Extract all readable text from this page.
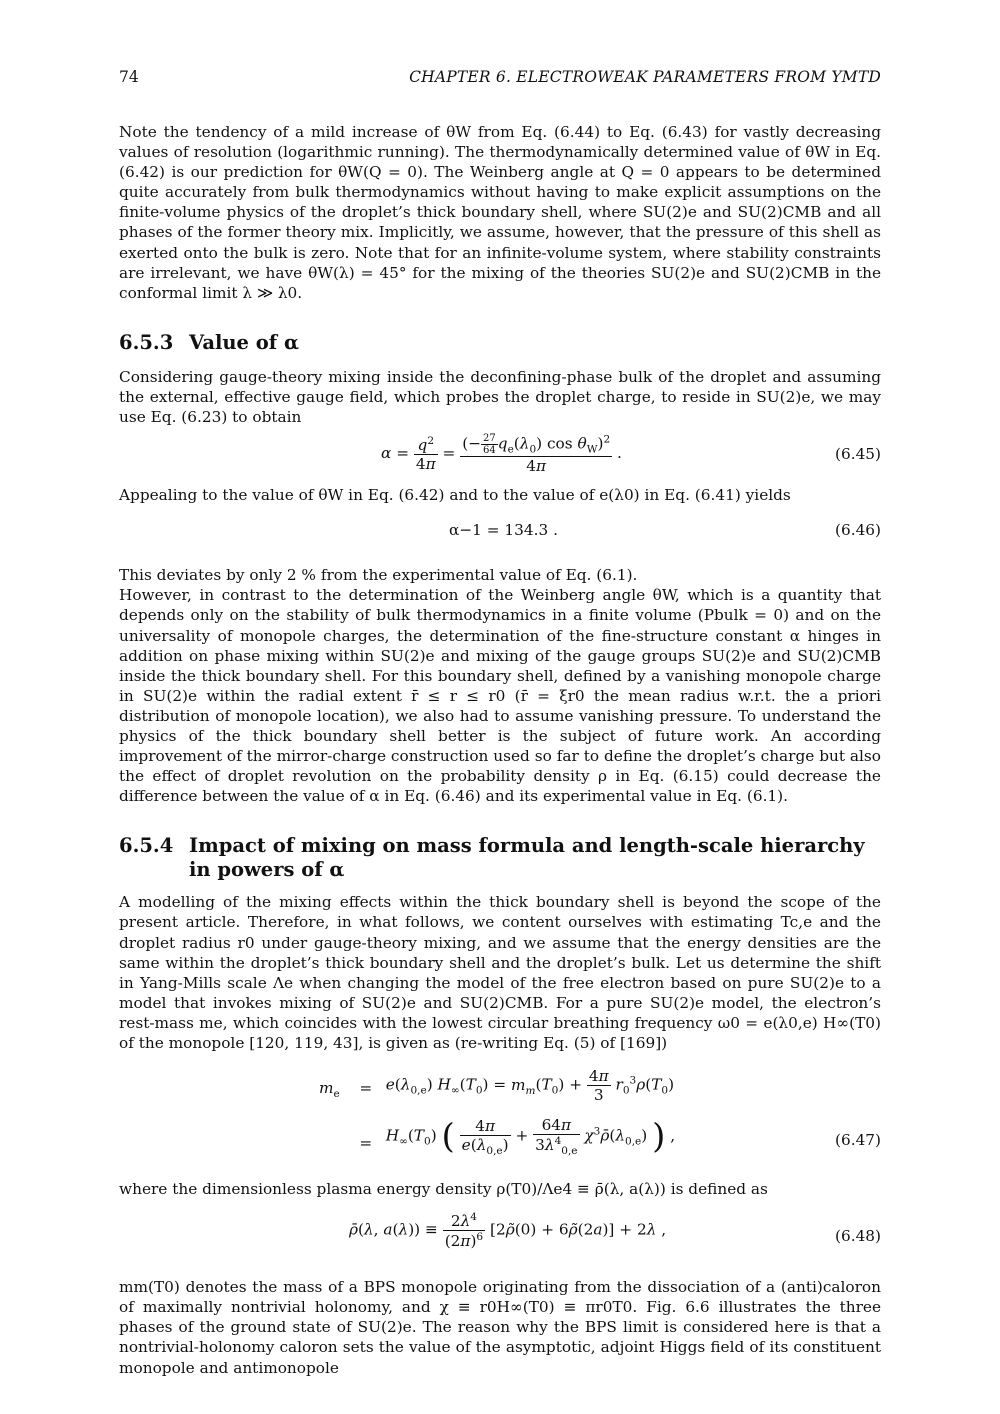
74	CHAPTER 6. ELECTROWEAK PARAMETERS FROM YMTD

Note the tendency of a mild increase of θW from Eq. (6.44) to Eq. (6.43) for vastly decreasing values of resolution (logarithmic running). The thermodynamically determined value of θW in Eq. (6.42) is our prediction for θW(Q = 0). The Weinberg angle at Q = 0 appears to be determined quite accurately from bulk thermodynamics without having to make explicit assumptions on the finite-volume physics of the droplet’s thick boundary shell, where SU(2)e and SU(2)CMB and all phases of the former theory mix. Implicitly, we assume, however, that the pressure of this shell as exerted onto the bulk is zero. Note that for an infinite-volume system, where stability constraints are irrelevant, we have θW(λ) = 45° for the mixing of the theories SU(2)e and SU(2)CMB in the conformal limit λ ≫ λ0.

6.5.3 Value of α

Considering gauge-theory mixing inside the deconfining-phase bulk of the droplet and assuming the external, effective gauge field, which probes the droplet charge, to reside in SU(2)e, we may use Eq. (6.23) to obtain

$\alpha = \frac{q^2}{4\pi} = \frac{(- \frac{27}{64} q_e(\lambda_0) \cos \theta_W)^2}{4\pi}$ .	(6.45)

Appealing to the value of θW in Eq. (6.42) and to the value of e(λ0) in Eq. (6.41) yields

α−1 = 134.3 .	(6.46)

This deviates by only 2 % from the experimental value of Eq. (6.1).

However, in contrast to the determination of the Weinberg angle θW, which is a quantity that depends only on the stability of bulk thermodynamics in a finite volume (Pbulk = 0) and on the universality of monopole charges, the determination of the fine-structure constant α hinges in addition on phase mixing within SU(2)e and mixing of the gauge groups SU(2)e and SU(2)CMB inside the thick boundary shell. For this boundary shell, defined by a vanishing monopole charge in SU(2)e within the radial extent r̄ ≤ r ≤ r0 (r̄ = ξr0 the mean radius w.r.t. the a priori distribution of monopole location), we also had to assume vanishing pressure. To understand the physics of the thick boundary shell better is the subject of future work. An according improvement of the mirror-charge construction used so far to define the droplet’s charge but also the effect of droplet revolution on the probability density ρ in Eq. (6.15) could decrease the difference between the value of α in Eq. (6.46) and its experimental value in Eq. (6.1).

6.5.4 Impact of mixing on mass formula and length-scale hierarchy in powers of α

A modelling of the mixing effects within the thick boundary shell is beyond the scope of the present article. Therefore, in what follows, we content ourselves with estimating Tc,e and the droplet radius r0 under gauge-theory mixing, and we assume that the energy densities are the same within the droplet’s thick boundary shell and the droplet’s bulk. Let us determine the shift in Yang-Mills scale Λe when changing the model of the free electron based on pure SU(2)e to a model that invokes mixing of SU(2)e and SU(2)CMB. For a pure SU(2)e model, the electron’s rest-mass me, which coincides with the lowest circular breathing frequency ω0 = e(λ0,e) H∞(T0) of the monopole [120, 119, 43], is given as (re-writing Eq. (5) of [169])

$m_e$	= $e(\lambda_{0,e}) H_\infty(T_0) = m_m(T_0) + \frac{4\pi}{3} r_0^3\rho(T_0)$
= $H_\infty(T_0)$ ( $\frac{4\pi}{e(\lambda_{0,e})} + \frac{64\pi}{3\lambda^4_{0,e}}$ $\chi^3\rhō(\lambda_{0,e})$ ) ,	(6.47)

where the dimensionless plasma energy density ρ(T0)/Λe4 ≡ ρ̄(λ, a(λ)) is defined as

ρ̄(λ, $a(\lambda)) \equiv \frac{2\lambda^4}{(2\pi)^6}$ [2ρ̃(0) + 6ρ̃(2a)] + 2λ ,	(6.48)

mm(T0) denotes the mass of a BPS monopole originating from the dissociation of a (anti)caloron of maximally nontrivial holonomy, and χ ≡ r0H∞(T0) ≡ πr0T0. Fig. 6.6 illustrates the three phases of the ground state of SU(2)e. The reason why the BPS limit is considered here is that a nontrivial-holonomy caloron sets the value of the asymptotic, adjoint Higgs field of its constituent monopole and antimonopole
